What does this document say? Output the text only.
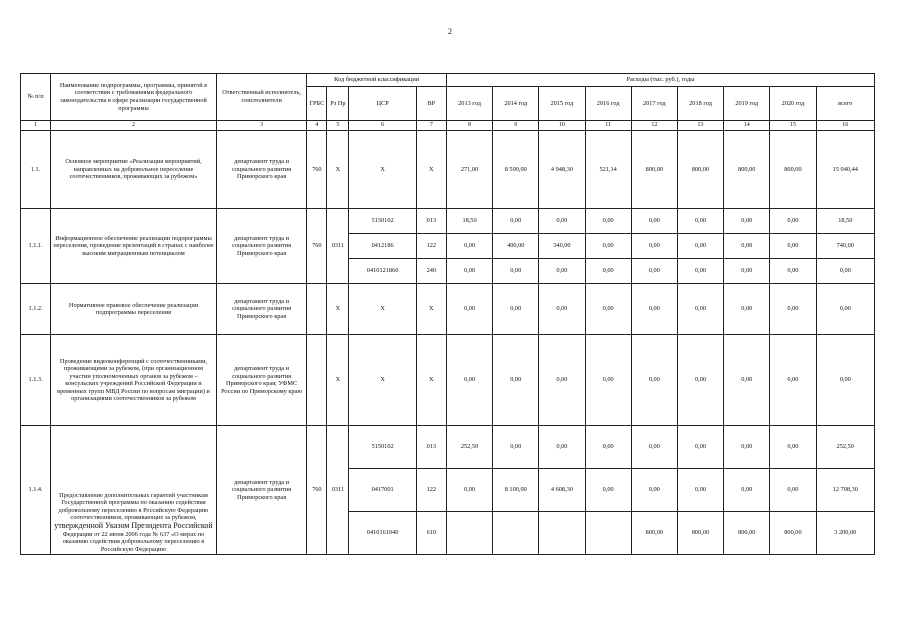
2
№ п/п	Наименование подпрограммы, программы, принятой в соответствии с требованиями федерального законодательства в сфере реализации государственной программы	Ответственный исполнитель, соисполнители	Код бюджетной классификации				Расходы (тыс. руб.), годы								
			ГРБС	Рз Пр	ЦСР	ВР	2013 год	2014 год	2015 год	2016 год	2017 год	2018 год	2019 год	2020 год	всего
1	2	3	4	5	6	7	8	9	10	11	12	13	14	15	16
1.1.	Основное мероприятие «Реализация мероприятий, направленных на добровольное переселение соотечественников, проживающих за рубежом»	департамент труда и социального развития Приморского края	760	X	X	X	271,00	8 500,00	4 948,30	521,14	800,00	800,00	800,00	800,00	15 040,44
1.1.1.	Информационное обеспечение реализации подпрограммы переселения, проведение презентаций в странах с наиболее высоким миграционным потенциалом	департамент труда и социального развития Приморского края	760	0311	5150102	013	18,50	0,00	0,00	0,00	0,00	0,00	0,00	0,00	18,50
					0412186	122	0,00	400,00	340,00	0,00	0,00	0,00	0,00	0,00	740,00
					0410121860	240	0,00	0,00	0,00	0,00	0,00	0,00	0,00	0,00	0,00
1.1.2.	Нормативное правовое обеспечение реализации подпрограммы переселения	департамент труда и социального развития Приморского края		X	X	X	0,00	0,00	0,00	0,00	0,00	0,00	0,00	0,00	0,00
1.1.3.	Проведение видеоконференций с соотечественниками, проживающими за рубежом, (при организационном участии уполномоченных органов за рубежом – консульских учреждений Российской Федерации и временных групп МВД России по вопросам миграции) и организациями соотечественников за рубежом	департамент труда и социального развития Приморского края; УФМС России по Приморскому краю		X	X	X	0,00	0,00	0,00	0,00	0,00	0,00	0,00	0,00	0,00
1.1.4.	Предоставление дополнительных гарантий участникам Государственной программы по оказанию содействия добровольному переселению в Российскую Федерацию соотечественников, проживающих за рубежом,
утвержденной Указом Президента Российской
Федерации от 22 июня 2006 года № 637 «О мерах по оказанию содействия добровольному переселению в Российскую Федерацию	департамент труда и социального развития Приморского края	760	0311	5150102	013	252,50	0,00	0,00	0,00	0,00	0,00	0,00	0,00	252,50
					0417001	122	0,00	8 100,00	4 608,30	0,00	0,00	0,00	0,00	0,00	12 708,30
					0410161040	610					800,00	800,00	800,00	800,00	3 200,00
